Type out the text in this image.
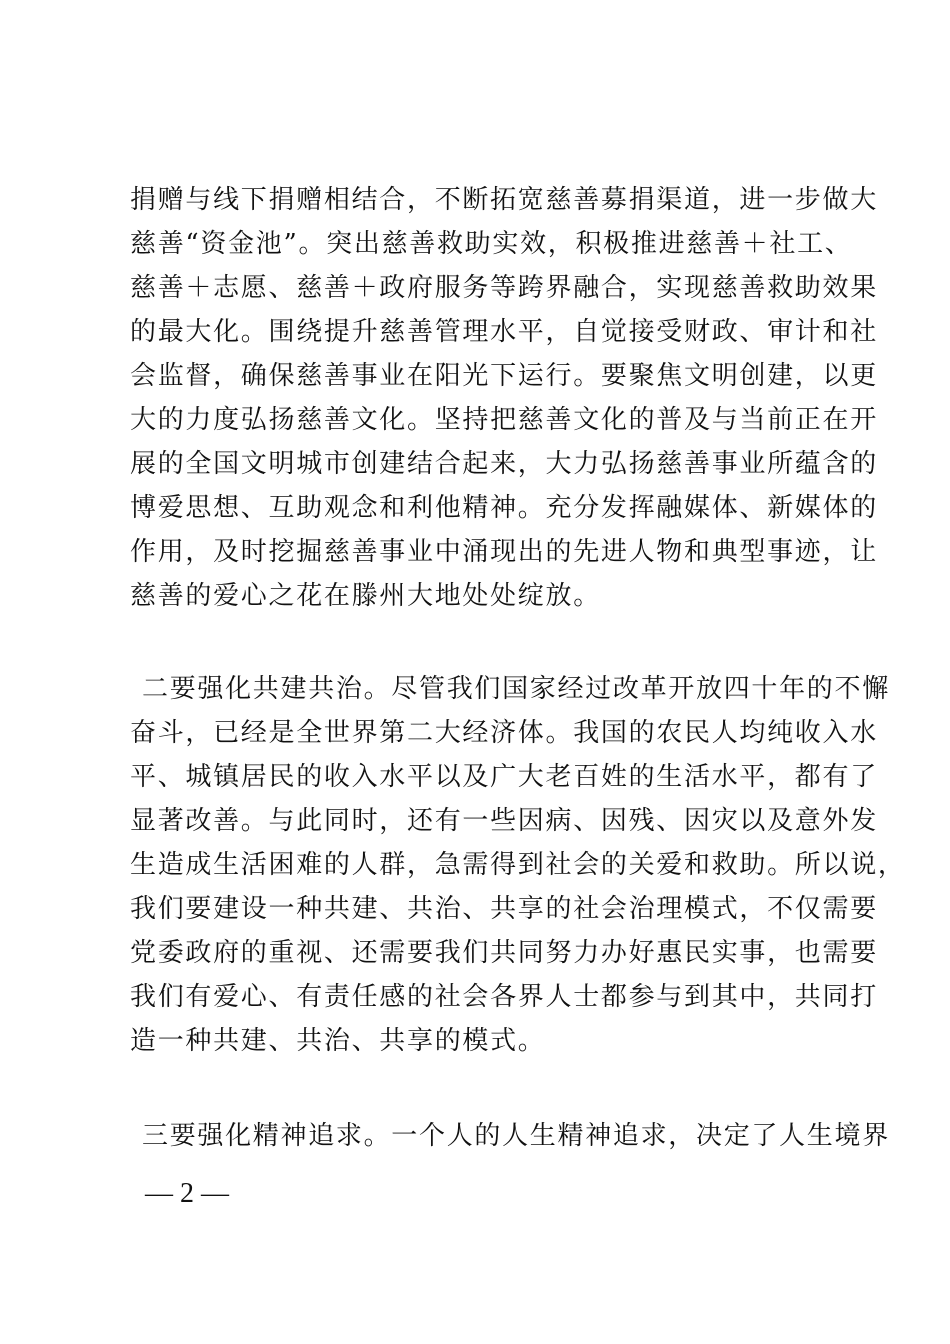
捐赠与线下捐赠相结合，不断拓宽慈善募捐渠道，进一步做大
慈善“资金池”。突出慈善救助实效，积极推进慈善＋社工、
慈善＋志愿、慈善＋政府服务等跨界融合，实现慈善救助效果
的最大化。围绕提升慈善管理水平，自觉接受财政、审计和社
会监督，确保慈善事业在阳光下运行。要聚焦文明创建，以更
大的力度弘扬慈善文化。坚持把慈善文化的普及与当前正在开
展的全国文明城市创建结合起来，大力弘扬慈善事业所蕴含的
博爱思想、互助观念和利他精神。充分发挥融媒体、新媒体的
作用，及时挖掘慈善事业中涌现出的先进人物和典型事迹，让
慈善的爱心之花在滕州大地处处绽放。
二要强化共建共治。尽管我们国家经过改革开放四十年的不懈
奋斗，已经是全世界第二大经济体。我国的农民人均纯收入水
平、城镇居民的收入水平以及广大老百姓的生活水平，都有了
显著改善。与此同时，还有一些因病、因残、因灾以及意外发
生造成生活困难的人群，急需得到社会的关爱和救助。所以说，
我们要建设一种共建、共治、共享的社会治理模式，不仅需要
党委政府的重视、还需要我们共同努力办好惠民实事，也需要
我们有爱心、有责任感的社会各界人士都参与到其中，共同打
造一种共建、共治、共享的模式。
三要强化精神追求。一个人的人生精神追求，决定了人生境界
— 2 —
